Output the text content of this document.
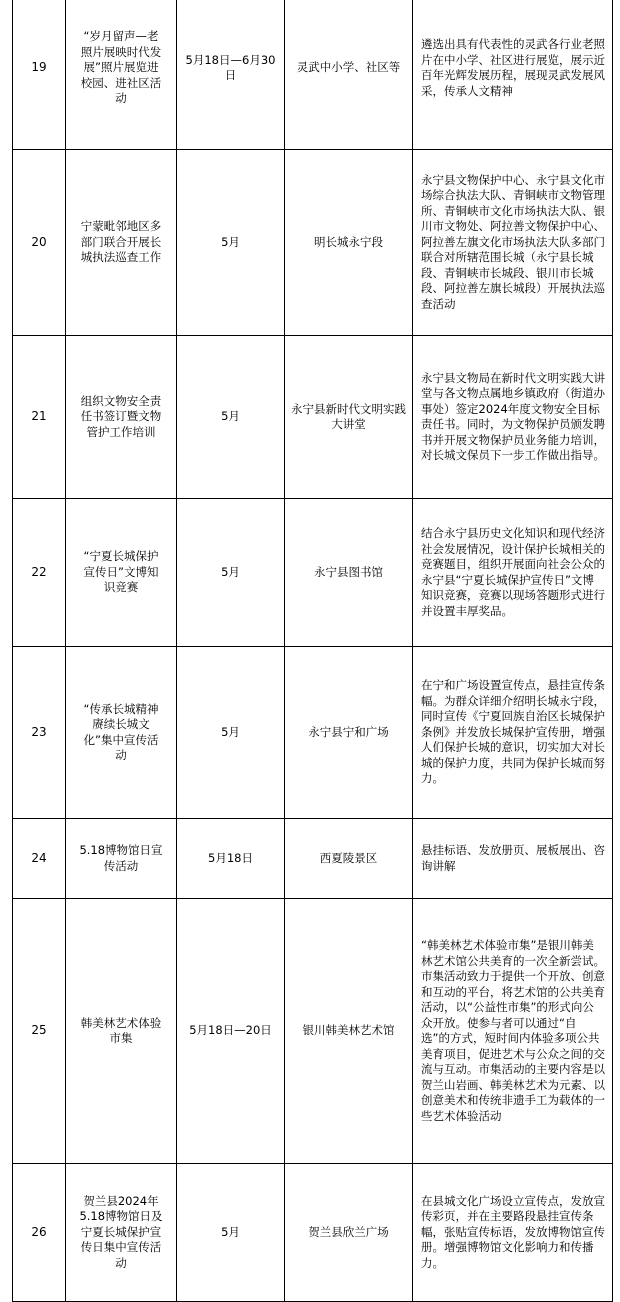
19	“岁月留声—老照片展映时代发展”照片展览进校园、进社区活动	5月18日—6月30日	灵武中小学、社区等	遴选出具有代表性的灵武各行业老照片在中小学、社区进行展览，展示近百年光辉发展历程，展现灵武发展风采，传承人文精神
20	宁蒙毗邻地区多部门联合开展长城执法巡查工作	5月	明长城永宁段	永宁县文物保护中心、永宁县文化市场综合执法大队、青铜峡市文物管理所、青铜峡市文化市场执法大队、银川市文物处、阿拉善文物保护中心、阿拉善左旗文化市场执法大队多部门联合对所辖范围长城（永宁县长城段、青铜峡市长城段、银川市长城段、阿拉善左旗长城段）开展执法巡查活动
21	组织文物安全责任书签订暨文物管护工作培训	5月	永宁县新时代文明实践大讲堂	永宁县文物局在新时代文明实践大讲堂与各文物点属地乡镇政府（街道办事处）签定2024年度文物安全目标责任书。同时，为文物保护员颁发聘书并开展文物保护员业务能力培训，对长城文保员下一步工作做出指导。
22	“宁夏长城保护宣传日”文博知识竞赛	5月	永宁县图书馆	结合永宁县历史文化知识和现代经济社会发展情况，设计保护长城相关的竞赛题目，组织开展面向社会公众的永宁县“宁夏长城保护宣传日”文博知识竞赛，竞赛以现场答题形式进行并设置丰厚奖品。
23	“传承长城精神 赓续长城文化”集中宣传活动	5月	永宁县宁和广场	在宁和广场设置宣传点，悬挂宣传条幅。为群众详细介绍明长城永宁段，同时宣传《宁夏回族自治区长城保护条例》并发放长城保护宣传册，增强人们保护长城的意识，切实加大对长城的保护力度，共同为保护长城而努力。
24	5.18博物馆日宣传活动	5月18日	西夏陵景区	悬挂标语、发放册页、展板展出、咨询讲解
25	韩美林艺术体验市集	5月18日—20日	银川韩美林艺术馆	“韩美林艺术体验市集”是银川韩美林艺术馆公共美育的一次全新尝试。市集活动致力于提供一个开放、创意和互动的平台，将艺术馆的公共美育活动，以“公益性市集”的形式向公众开放。使参与者可以通过“自选”的方式，短时间内体验多项公共美育项目，促进艺术与公众之间的交流与互动。市集活动的主要内容是以贺兰山岩画、韩美林艺术为元素、以创意美术和传统非遗手工为载体的一些艺术体验活动
26	贺兰县2024年5.18博物馆日及宁夏长城保护宣传日集中宣传活动	5月	贺兰县欣兰广场	在县城文化广场设立宣传点，发放宣传彩页，并在主要路段悬挂宣传条幅，张贴宣传标语，发放博物馆宣传册。增强博物馆文化影响力和传播力。
